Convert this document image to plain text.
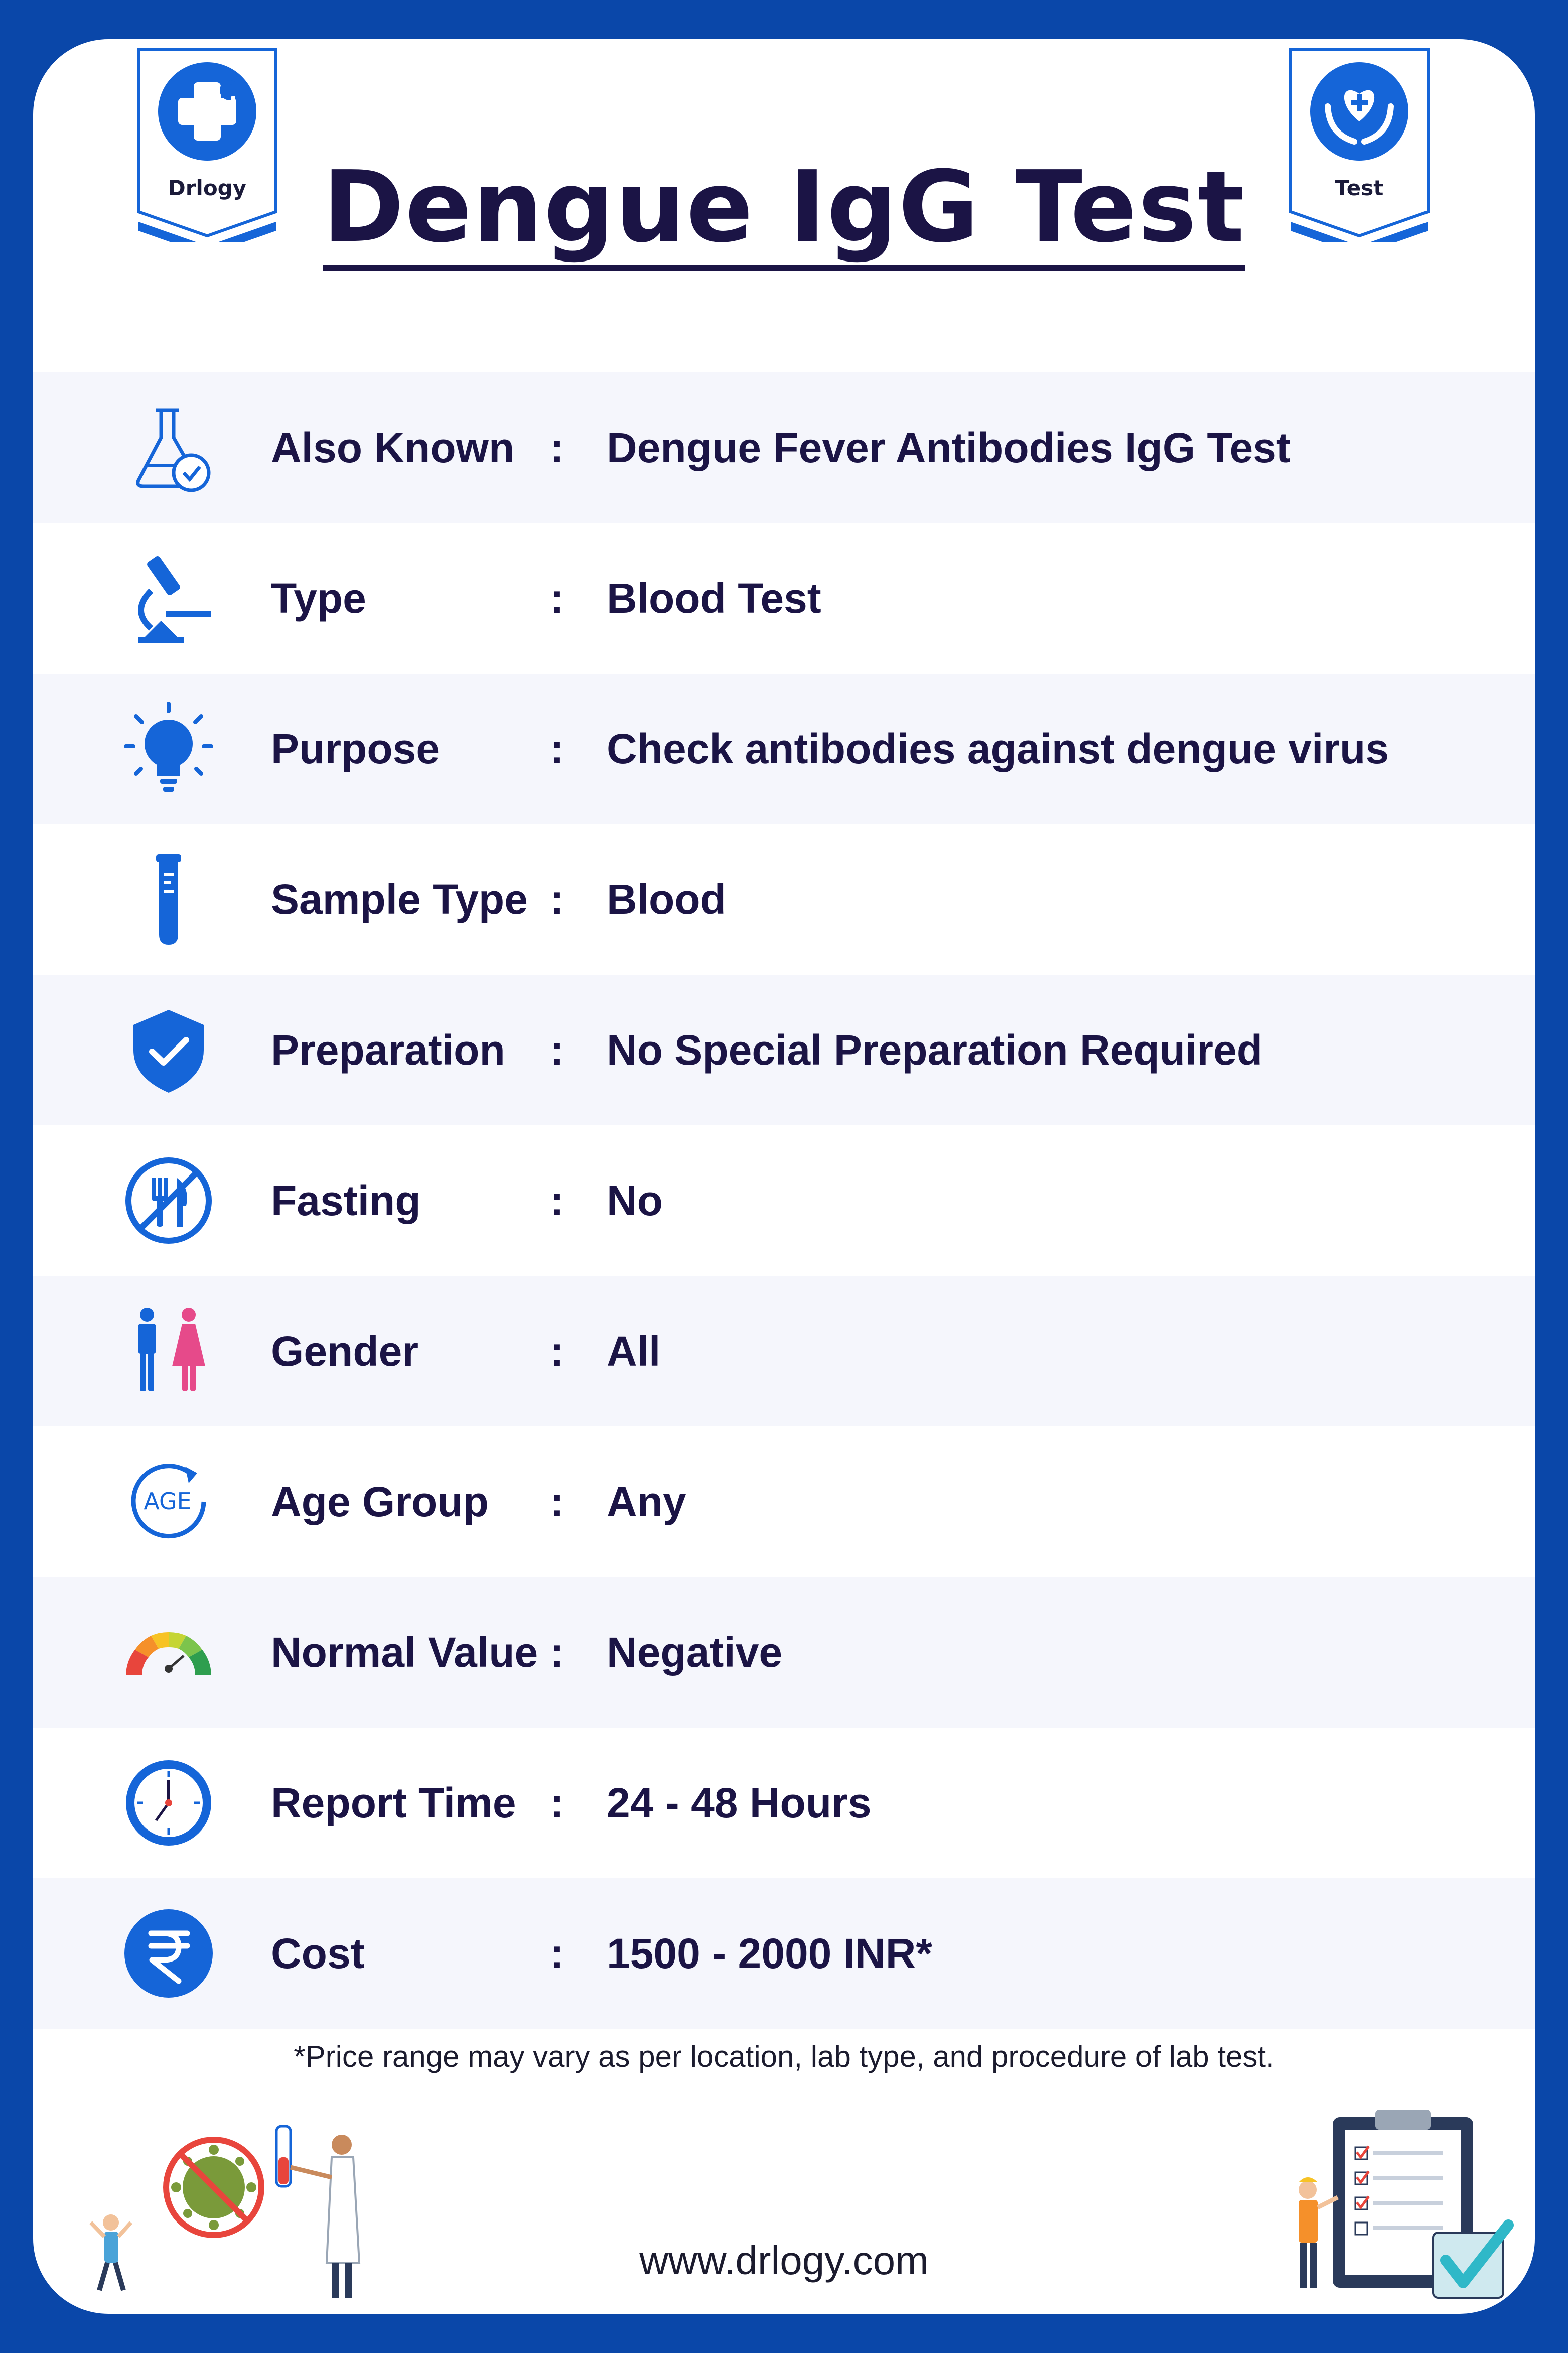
Drlogy	Test
Dengue IgG Test
Also Known : Dengue Fever Antibodies IgG Test
Type	: Blood Test
Purpose	: Check antibodies against dengue virus
Sample Type : Blood
Preparation : No Special Preparation Required
Fasting	: No
Gender	: All
AGE Age Group : Any
Normal Value : Negative
Report Time : 24 - 48 Hours
Cost	: 1500 - 2000 INR*
*Price range may vary as per location, lab type, and procedure of lab test.
www.drlogy.com
